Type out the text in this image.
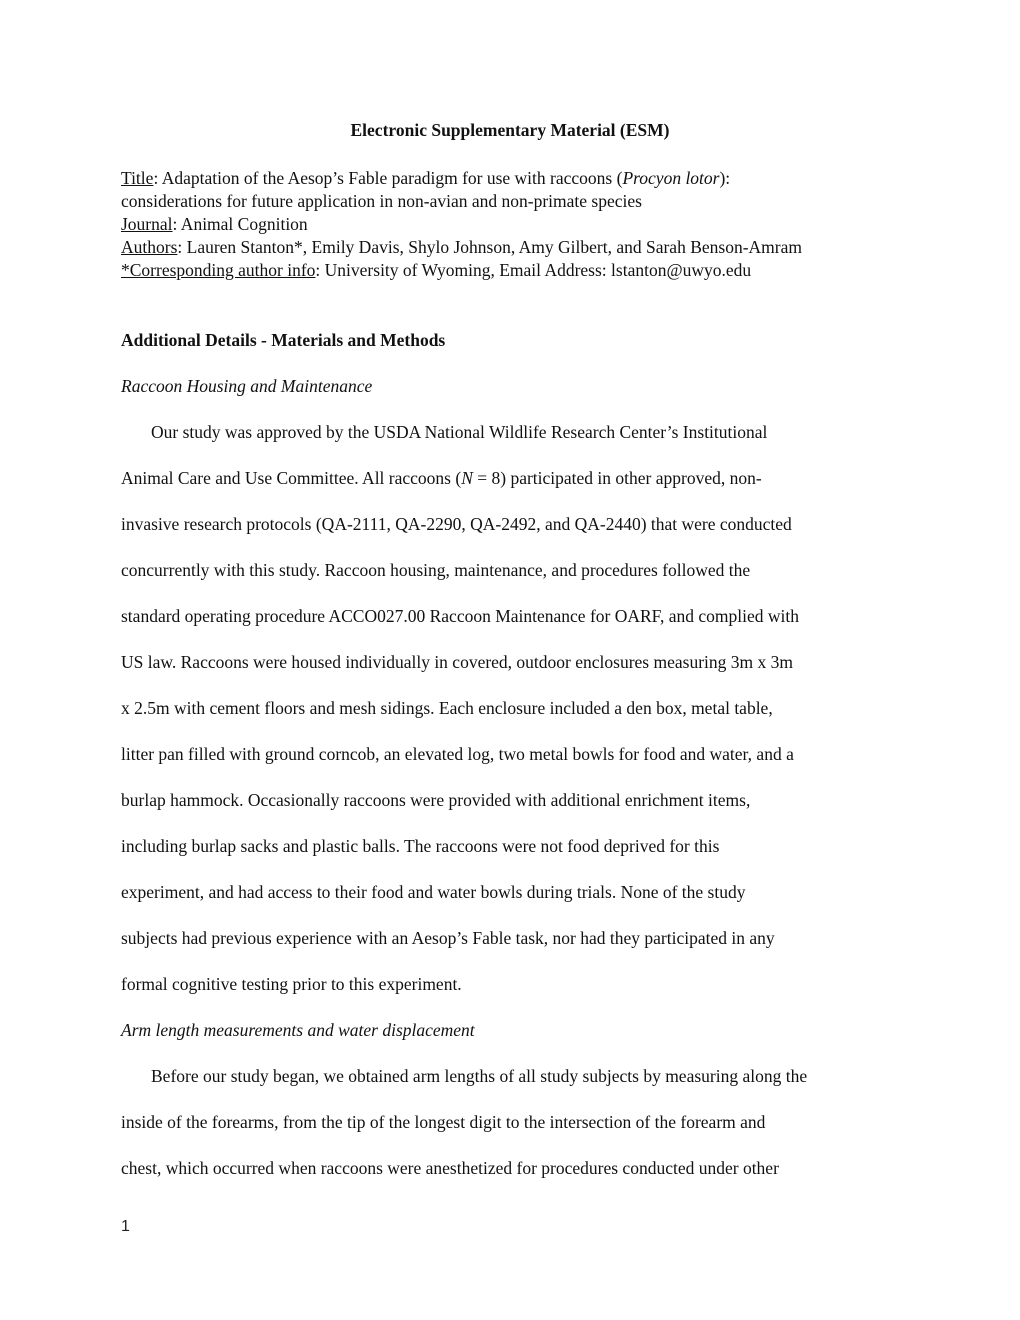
Electronic Supplementary Material (ESM)
Title: Adaptation of the Aesop’s Fable paradigm for use with raccoons (Procyon lotor):
considerations for future application in non-avian and non-primate species
Journal: Animal Cognition
Authors: Lauren Stanton*, Emily Davis, Shylo Johnson, Amy Gilbert, and Sarah Benson-Amram
*Corresponding author info: University of Wyoming, Email Address: lstanton@uwyo.edu
Additional Details - Materials and Methods
Raccoon Housing and Maintenance
Our study was approved by the USDA National Wildlife Research Center’s Institutional
Animal Care and Use Committee. All raccoons (N = 8) participated in other approved, non-
invasive research protocols (QA-2111, QA-2290, QA-2492, and QA-2440) that were conducted
concurrently with this study. Raccoon housing, maintenance, and procedures followed the
standard operating procedure ACCO027.00 Raccoon Maintenance for OARF, and complied with
US law. Raccoons were housed individually in covered, outdoor enclosures measuring 3m x 3m
x 2.5m with cement floors and mesh sidings. Each enclosure included a den box, metal table,
litter pan filled with ground corncob, an elevated log, two metal bowls for food and water, and a
burlap hammock. Occasionally raccoons were provided with additional enrichment items,
including burlap sacks and plastic balls. The raccoons were not food deprived for this
experiment, and had access to their food and water bowls during trials. None of the study
subjects had previous experience with an Aesop’s Fable task, nor had they participated in any
formal cognitive testing prior to this experiment.
Arm length measurements and water displacement
Before our study began, we obtained arm lengths of all study subjects by measuring along the
inside of the forearms, from the tip of the longest digit to the intersection of the forearm and
chest, which occurred when raccoons were anesthetized for procedures conducted under other
1
